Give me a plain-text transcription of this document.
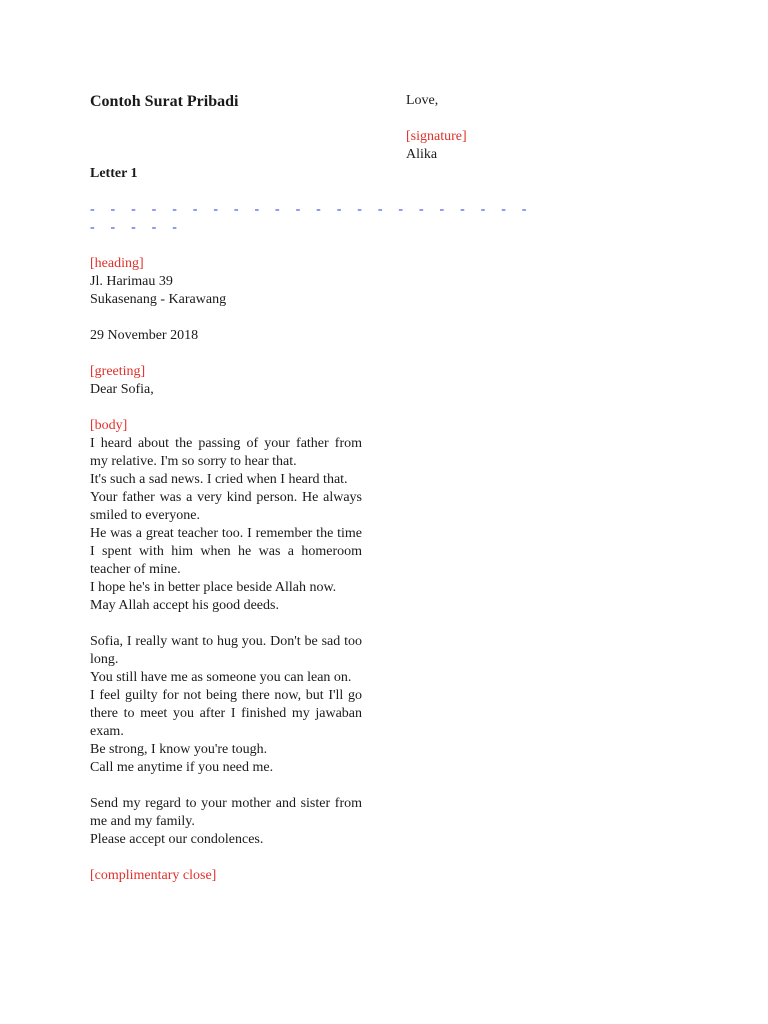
Contoh Surat Pribadi

Letter 1

- - - - - - - - - - - - - - - - - - - - - -

- - - - -

[heading]

Jl. Harimau 39

Sukasenang - Karawang

29 November 2018

[greeting]

Dear Sofia,

[body]

I heard about the passing of your father from my relative. I'm so sorry to hear that.

It's such a sad news. I cried when I heard that.

Your father was a very kind person. He always smiled to everyone.

He was a great teacher too. I remember the time I spent with him when he was a homeroom teacher of mine.

I hope he's in better place beside Allah now.

May Allah accept his good deeds.

Sofia, I really want to hug you. Don't be sad too long.

You still have me as someone you can lean on.

I feel guilty for not being there now, but I'll go there to meet you after I finished my jawaban exam.

Be strong, I know you're tough.

Call me anytime if you need me.

Send my regard to your mother and sister from me and my family.

Please accept our condolences.

[complimentary close]

Love,

[signature]

Alika
